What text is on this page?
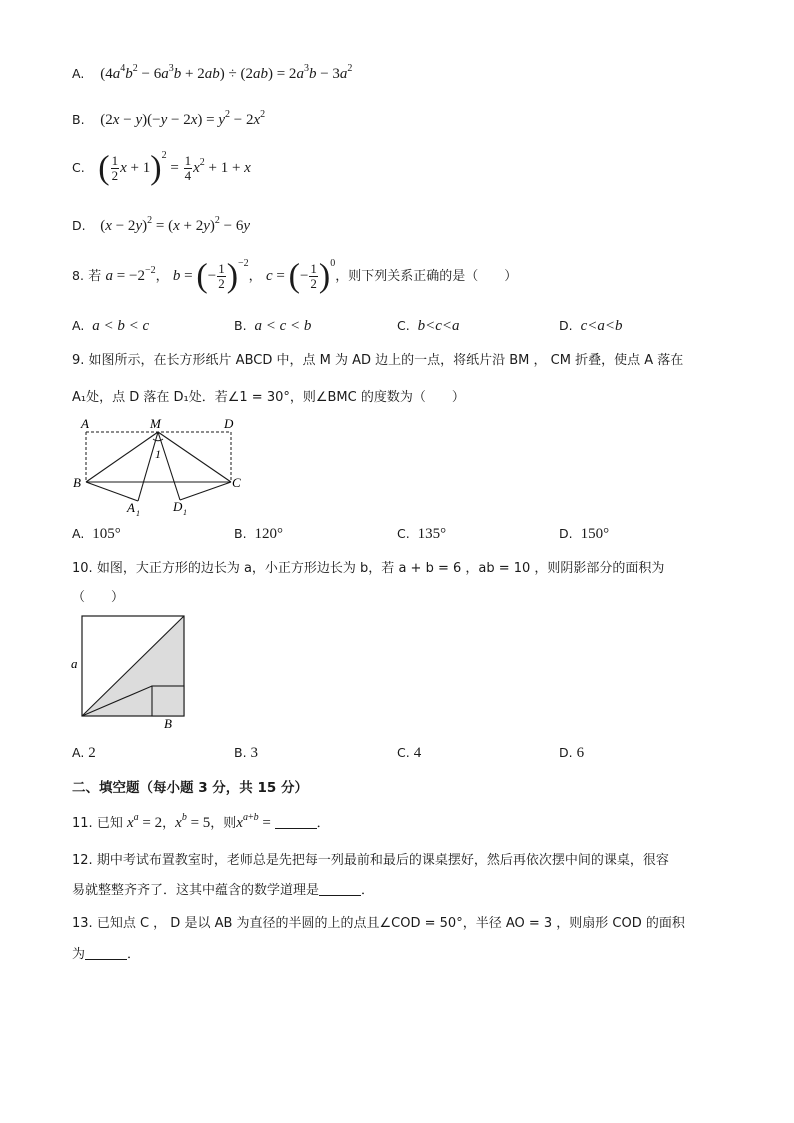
A. $(4a^4b^2 - 6a^3b + 2ab) \div (2ab) = 2a^3b - 3a^2$
B. $(2x - y)(-y - 2x) = y^2 - 2x^2$
C. ( $\frac{1}{2}$ $x + 1)^2 = \frac{1}{4} x^2 + 1 + x$
D. $(x - 2y)^2 = (x + 2y)^2 - 6y$
8. 若 $a = -2^{-2}$， b = (− $\frac{1}{2} )^{-2}$， c = (− $\frac{1}{2} )^0$，则下列关系正确的是（　　）
A. a < b < c	B. a < c < b	C. b<c<a	D. c<a<b
9. 如图所示，在长方形纸片 ABCD 中，点 M 为 AD 边上的一点，将纸片沿 BM ， CM 折叠，使点 A 落在
A₁处，点 D 落在 D₁处．若∠1 = 30°，则∠BMC 的度数为（　　）
A	M	D
B	C
A 1	D 1
1
A. 105°	B. 120°	C. 135°	D. 150°
10. 如图，大正方形的边长为 a，小正方形边长为 b，若 a + b = 6 ，ab = 10 ，则阴影部分的面积为
（　　）
a
B
A. 2	B. 3	C. 4	D. 6
二、填空题（每小题 3 分，共 15 分）
11. 已知 $x^a = 2$，$x^b = 5$，则$x^{a+b}$ =	．
12. 期中考试布置教室时，老师总是先把每一列最前和最后的课桌摆好，然后再依次摆中间的课桌，很容
易就整整齐齐了．这其中蕴含的数学道理是	．
13. 已知点 C ， D 是以 AB 为直径的半圆的上的点且∠COD = 50°，半径 AO = 3 ，则扇形 COD 的面积
为	．
